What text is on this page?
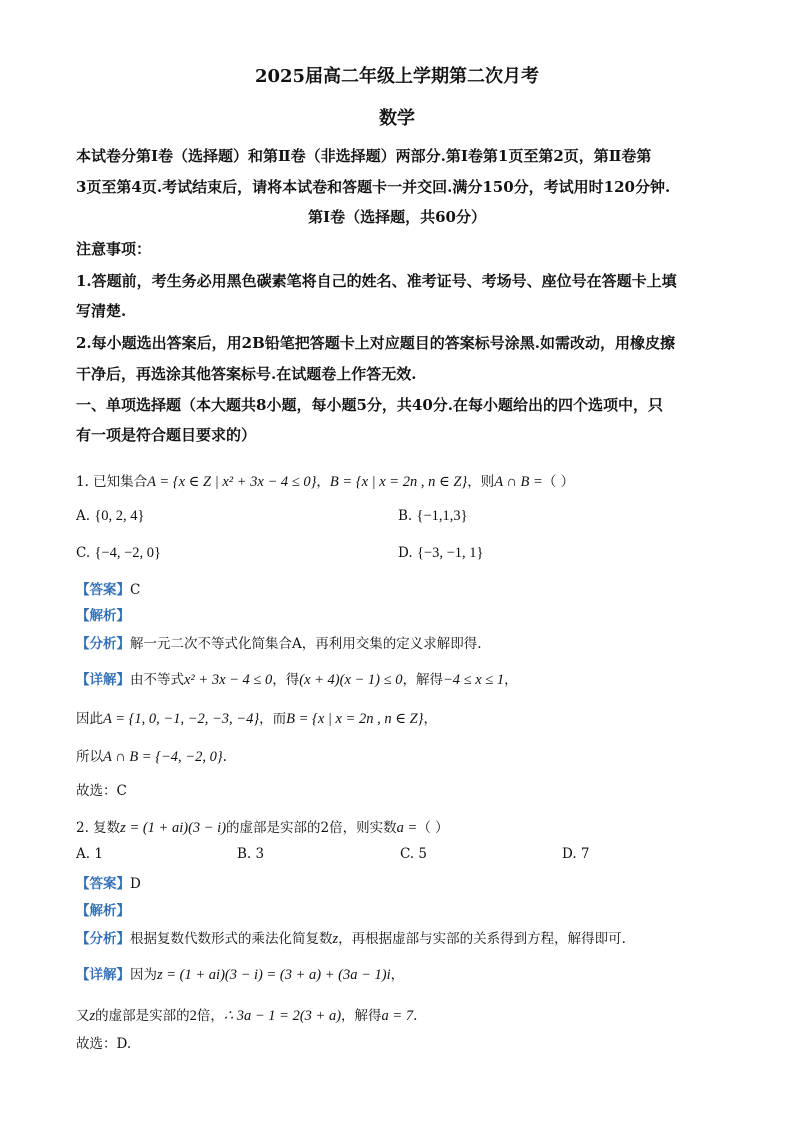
2025届高二年级上学期第二次月考
数学
本试卷分第Ⅰ卷（选择题）和第Ⅱ卷（非选择题）两部分.第Ⅰ卷第1页至第2页，第Ⅱ卷第
3页至第4页.考试结束后，请将本试卷和答题卡一并交回.满分150分，考试用时120分钟.
第Ⅰ卷（选择题，共60分）
注意事项：
1.答题前，考生务必用黑色碳素笔将自己的姓名、准考证号、考场号、座位号在答题卡上填
写清楚.
2.每小题选出答案后，用2B铅笔把答题卡上对应题目的答案标号涂黑.如需改动，用橡皮擦
干净后，再选涂其他答案标号.在试题卷上作答无效.
一、单项选择题（本大题共8小题，每小题5分，共40分.在每小题给出的四个选项中，只
有一项是符合题目要求的）
1. 已知集合A = {x ∈ Z | x² + 3x − 4 ≤ 0}，B = {x | x = 2n , n ∈ Z}，则A ∩ B =（ ）
A. {0, 2, 4}	B. {−1,1,3}
C. {−4, −2, 0}	D. {−3, −1, 1}
【答案】C
【解析】
【分析】解一元二次不等式化简集合A，再利用交集的定义求解即得.
【详解】由不等式x² + 3x − 4 ≤ 0，得(x + 4)(x − 1) ≤ 0，解得−4 ≤ x ≤ 1，
因此A = {1, 0, −1, −2, −3, −4}，而B = {x | x = 2n , n ∈ Z}，
所以A ∩ B = {−4, −2, 0}.
故选：C
2. 复数z = (1 + ai)(3 − i)的虚部是实部的2倍，则实数a =（ ）
A. 1	B. 3	C. 5	D. 7
【答案】D
【解析】
【分析】根据复数代数形式的乘法化简复数z，再根据虚部与实部的关系得到方程，解得即可.
【详解】因为z = (1 + ai)(3 − i) = (3 + a) + (3a − 1)i，
又z的虚部是实部的2倍，∴ 3a − 1 = 2(3 + a)，解得a = 7.
故选：D.
